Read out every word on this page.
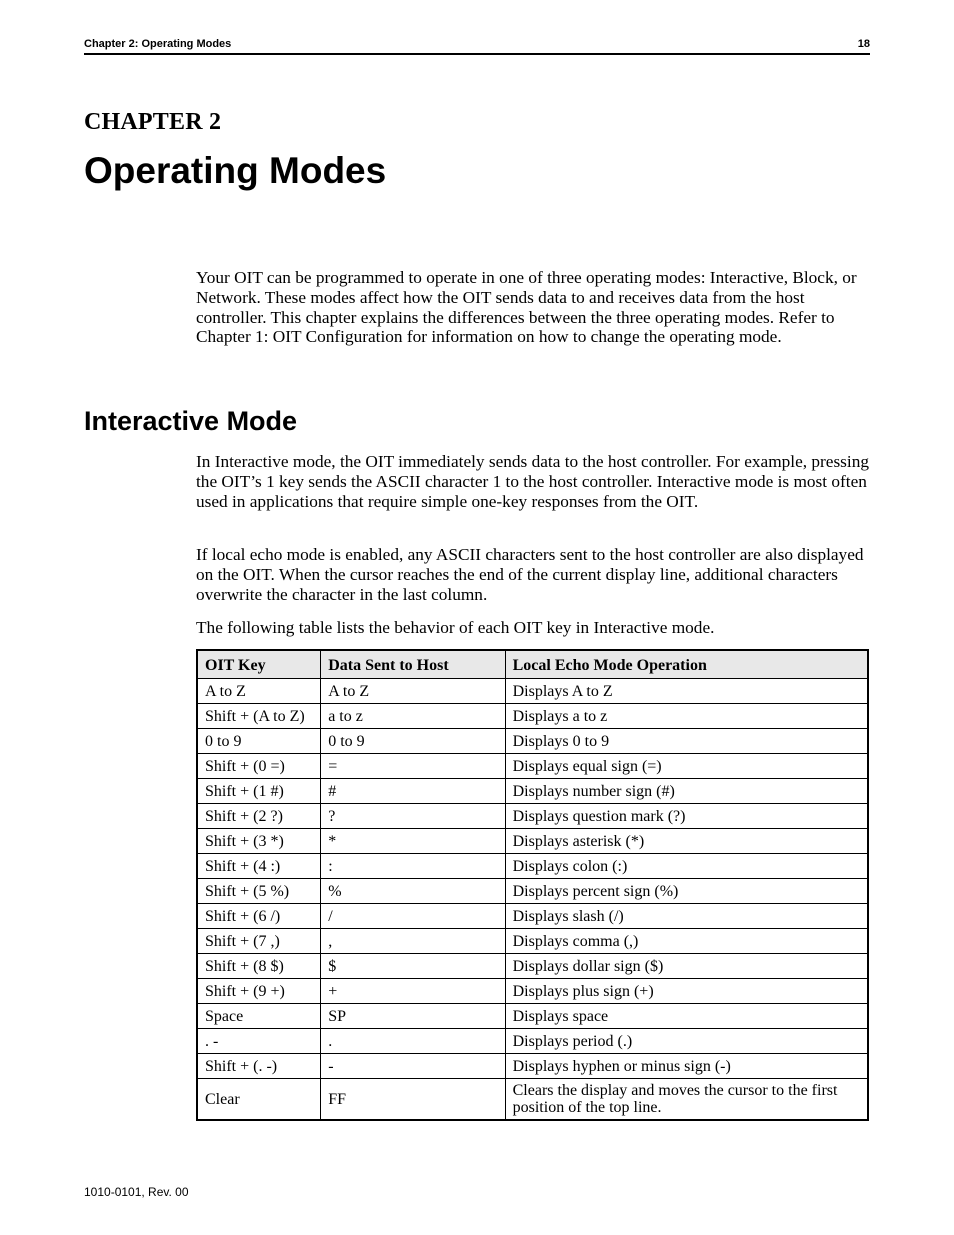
Chapter 2: Operating Modes	18
CHAPTER 2
Operating Modes

Your OIT can be programmed to operate in one of three operating modes: Interactive, Block, or Network. These modes affect how the OIT sends data to and receives data from the host controller. This chapter explains the differences between the three operating modes. Refer to Chapter 1: OIT Configuration for information on how to change the operating mode.

Interactive Mode

In Interactive mode, the OIT immediately sends data to the host controller. For example, pressing the OIT’s 1 key sends the ASCII character 1 to the host controller. Interactive mode is most often used in applications that require simple one-key responses from the OIT.

If local echo mode is enabled, any ASCII characters sent to the host controller are also displayed on the OIT. When the cursor reaches the end of the current display line, additional characters overwrite the character in the last column.

The following table lists the behavior of each OIT key in Interactive mode.

OIT Key	Data Sent to Host	Local Echo Mode Operation
A to Z	A to Z	Displays A to Z
Shift + (A to Z)	a to z	Displays a to z
0 to 9	0 to 9	Displays 0 to 9
Shift + (0 =)	=	Displays equal sign (=)
Shift + (1 #)	#	Displays number sign (#)
Shift + (2 ?)	?	Displays question mark (?)
Shift + (3 *)	*	Displays asterisk (*)
Shift + (4 :)	:	Displays colon (:)
Shift + (5 %)	%	Displays percent sign (%)
Shift + (6 /)	/	Displays slash (/)
Shift + (7 ,)	,	Displays comma (,)
Shift + (8 $)	$	Displays dollar sign ($)
Shift + (9 +)	+	Displays plus sign (+)
Space	SP	Displays space
. -	.	Displays period (.)
Shift + (. -)	-	Displays hyphen or minus sign (-)
Clear	FF	Clears the display and moves the cursor to the first position of the top line.
1010-0101, Rev. 00
